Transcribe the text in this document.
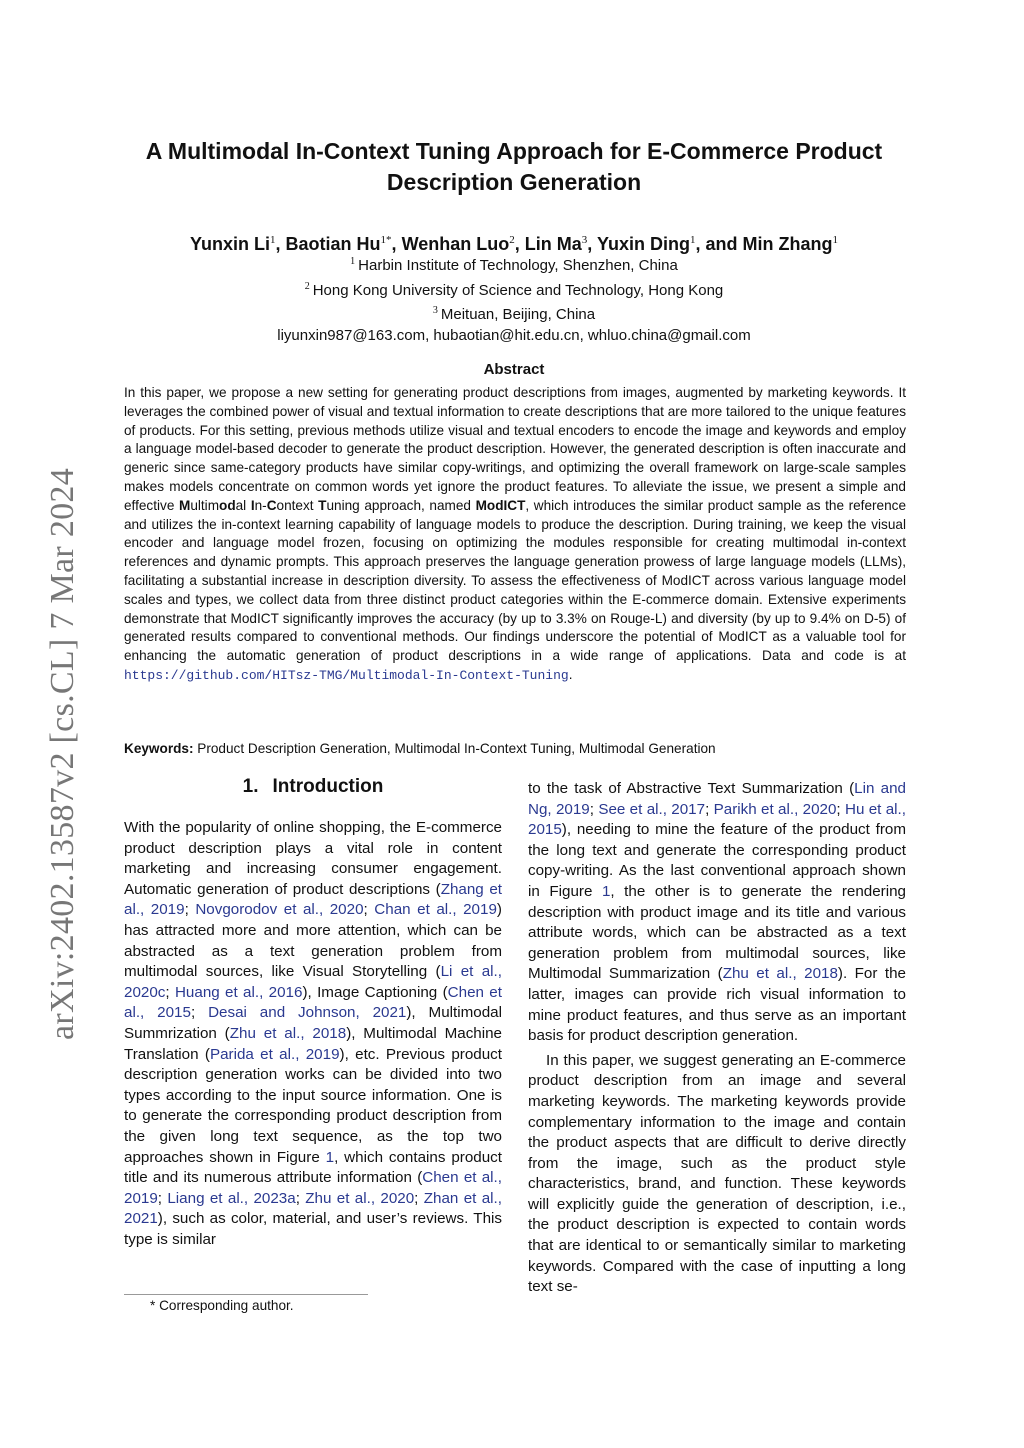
arXiv:2402.13587v2 [cs.CL] 7 Mar 2024
A Multimodal In-Context Tuning Approach for E-Commerce Product
Description Generation
Yunxin Li$^1$, Baotian $Hu^{1*}$, Wenhan Luo$^2$, Lin Ma$^3$, Yuxin Ding$^1$, and Min Zhang$^1$
$^1$ Harbin Institute of Technology, Shenzhen, China
$^2$ Hong Kong University of Science and Technology, Hong Kong
$^3$ Meituan, Beijing, China
liyunxin987@163.com, hubaotian@hit.edu.cn, whluo.china@gmail.com
Abstract
In this paper, we propose a new setting for generating product descriptions from images, augmented by marketing keywords. It leverages the combined power of visual and textual information to create descriptions that are more tailored to the unique features of products. For this setting, previous methods utilize visual and textual encoders to encode the image and keywords and employ a language model-based decoder to generate the product description. However, the generated description is often inaccurate and generic since same-category products have similar copy-writings, and optimizing the overall framework on large-scale samples makes models concentrate on common words yet ignore the product features. To alleviate the issue, we present a simple and effective Multimodal In-Context Tuning approach, named ModICT, which introduces the similar product sample as the reference and utilizes the in-context learning capability of language models to produce the description. During training, we keep the visual encoder and language model frozen, focusing on optimizing the modules responsible for creating multimodal in-context references and dynamic prompts. This approach preserves the language generation prowess of large language models (LLMs), facilitating a substantial increase in description diversity. To assess the effectiveness of ModICT across various language model scales and types, we collect data from three distinct product categories within the E-commerce domain. Extensive experiments demonstrate that ModICT significantly improves the accuracy (by up to 3.3% on Rouge-L) and diversity (by up to 9.4% on D-5) of generated results compared to conventional methods. Our findings underscore the potential of ModICT as a valuable tool for enhancing the automatic generation of product descriptions in a wide range of applications. Data and code is at https://github.com/HITsz-TMG/Multimodal-In-Context-Tuning.
Keywords: Product Description Generation, Multimodal In-Context Tuning, Multimodal Generation
1. Introduction

With the popularity of online shopping, the E-commerce product description plays a vital role in content marketing and increasing consumer engagement. Automatic generation of product descriptions (Zhang et al., 2019; Novgorodov et al., 2020; Chan et al., 2019) has attracted more and more attention, which can be abstracted as a text generation problem from multimodal sources, like Visual Storytelling (Li et al., 2020c; Huang et al., 2016), Image Captioning (Chen et al., 2015; Desai and Johnson, 2021), Multimodal Summrization (Zhu et al., 2018), Multimodal Machine Translation (Parida et al., 2019), etc. Previous product description generation works can be divided into two types according to the input source information. One is to generate the corresponding product description from the given long text sequence, as the top two approaches shown in Figure 1, which contains product title and its numerous attribute information (Chen et al., 2019; Liang et al., 2023a; Zhu et al., 2020; Zhan et al., 2021), such as color, material, and user’s reviews. This type is similar

to the task of Abstractive Text Summarization (Lin and Ng, 2019; See et al., 2017; Parikh et al., 2020; Hu et al., 2015), needing to mine the feature of the product from the long text and generate the corresponding product copy-writing. As the last conventional approach shown in Figure 1, the other is to generate the rendering description with product image and its title and various attribute words, which can be abstracted as a text generation problem from multimodal sources, like Multimodal Summarization (Zhu et al., 2018). For the latter, images can provide rich visual information to mine product features, and thus serve as an important basis for product description generation.

In this paper, we suggest generating an E-commerce product description from an image and several marketing keywords. The marketing keywords provide complementary information to the image and contain the product aspects that are difficult to derive directly from the image, such as the product style characteristics, brand, and function. These keywords will explicitly guide the generation of description, i.e., the product description is expected to contain words that are identical to or semantically similar to marketing keywords. Compared with the case of inputting a long text se-

* Corresponding author.
